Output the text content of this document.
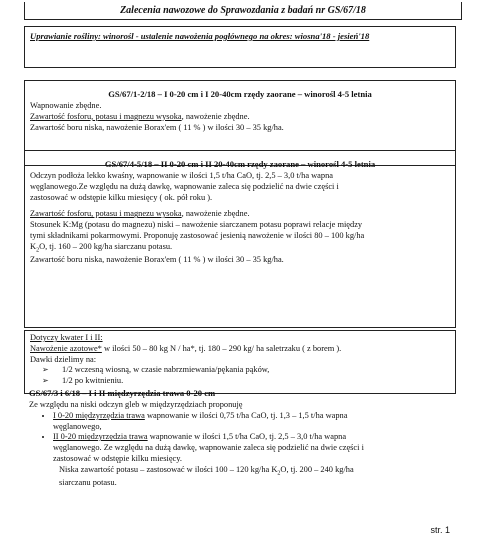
Zalecenia nawozowe do Sprawozdania z badań nr GS/67/18
Uprawianie rośliny: winorośl - ustalenie nawożenia pogłównego na okres: wiosna'18 - jesień'18
GS/67/1-2/18 – I 0-20 cm i I 20-40cm rzędy zaorane – winorośl 4-5 letnia

Wapnowanie zbędne.

Zawartość fosforu, potasu i magnezu wysoka, nawożenie zbędne.

Zawartość boru niska, nawożenie Borax'em ( 11 % ) w ilości 30 – 35 kg/ha.

GS/67/4-5/18 – II 0-20 cm i II 20-40cm rzędy zaorane – winorośl 4-5 letnia

Odczyn podłoża lekko kwaśny, wapnowanie w ilości 1,5 t/ha CaO, tj. 2,5 – 3,0 t/ha wapna

węglanowego.Ze względu na dużą dawkę, wapnowanie zaleca się podzielić na dwie części i

zastosować w odstępie kilku miesięcy ( ok. pół roku ).

Zawartość fosforu, potasu i magnezu wysoka, nawożenie zbędne.

Stosunek K:Mg (potasu do magnezu) niski – nawożenie siarczanem potasu poprawi relacje między

tymi składnikami pokarmowymi. Proponuję zastosować jesienią nawożenie w ilości 80 – 100 kg/ha

$K_2O$, tj. 160 – 200 kg/ha siarczanu potasu.

Zawartość boru niska, nawożenie Borax'em ( 11 % ) w ilości 30 – 35 kg/ha.

Dotyczy kwater I i II:

Nawożenie azotowe* w ilości 50 – 80 kg N / ha*, tj. 180 – 290 kg/ ha saletrzaku ( z borem ).

Dawki dzielimy na:

➢ 1/2 wczesną wiosną, w czasie nabrzmiewania/pękania pąków,
➢ 1/2 po kwitnieniu.
GS/67/3 i 6/18 – I i II międzyrzędzia trawa 0-20 cm

Ze względu na niski odczyn gleb w międzyrzędziach proponuję

• I 0-20 międzyrzędzia trawa wapnowanie w ilości 0,75 t/ha CaO, tj. 1,3 – 1,5 t/ha wapna
węglanowego,
• II 0-20 międzyrzędzia trawa wapnowanie w ilości 1,5 t/ha CaO, tj. 2,5 – 3,0 t/ha wapna
węglanowego. Ze względu na dużą dawkę, wapnowanie zaleca się podzielić na dwie części i
zastosować w odstępie kilku miesięcy.

Niska zawartość potasu – zastosować w ilości 100 – 120 kg/ha $K_2O$, tj. 200 – 240 kg/ha

siarczanu potasu.

str. 1
